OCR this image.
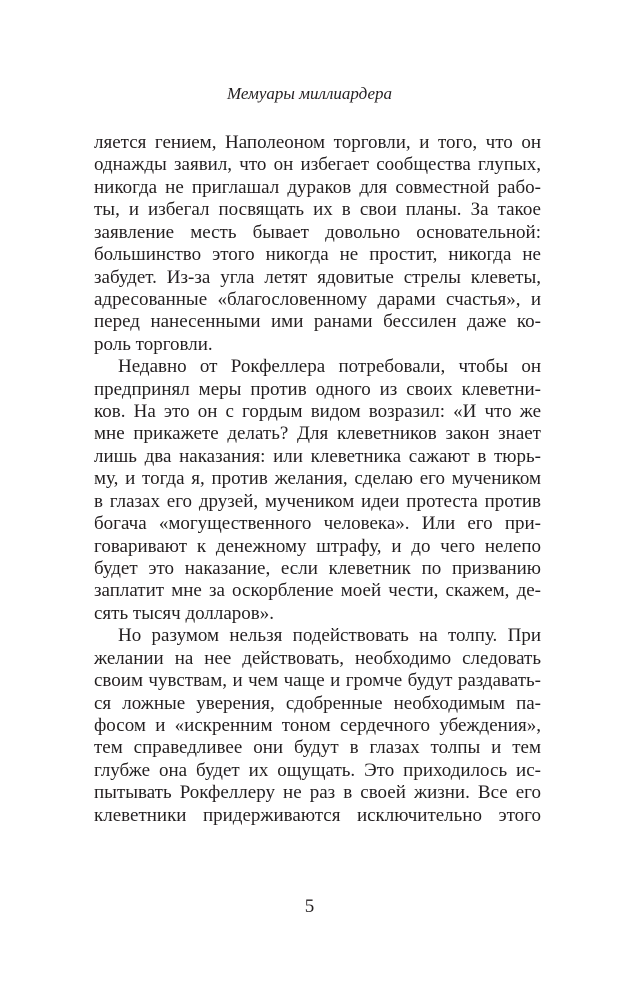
Мемуары миллиардера
ляется гением, Наполеоном торговли, и того, что он
однажды заявил, что он избегает сообщества глупых,
никогда не приглашал дураков для совместной рабо-
ты, и избегал посвящать их в свои планы. За такое
заявление месть бывает довольно основательной:
большинство этого никогда не простит, никогда не
забудет. Из-за угла летят ядовитые стрелы клеветы,
адресованные «благословенному дарами счастья», и
перед нанесенными ими ранами бессилен даже ко-
роль торговли.
Недавно от Рокфеллера потребовали, чтобы он
предпринял меры против одного из своих клеветни-
ков. На это он с гордым видом возразил: «И что же
мне прикажете делать? Для клеветников закон знает
лишь два наказания: или клеветника сажают в тюрь-
му, и тогда я, против желания, сделаю его мучеником
в глазах его друзей, мучеником идеи протеста против
богача «могущественного человека». Или его при-
говаривают к денежному штрафу, и до чего нелепо
будет это наказание, если клеветник по призванию
заплатит мне за оскорбление моей чести, скажем, де-
сять тысяч долларов».
Но разумом нельзя подействовать на толпу. При
желании на нее действовать, необходимо следовать
своим чувствам, и чем чаще и громче будут раздавать-
ся ложные уверения, сдобренные необходимым па-
фосом и «искренним тоном сердечного убеждения»,
тем справедливее они будут в глазах толпы и тем
глубже она будет их ощущать. Это приходилось ис-
пытывать Рокфеллеру не раз в своей жизни. Все его
клеветники придерживаются исключительно этого
5
